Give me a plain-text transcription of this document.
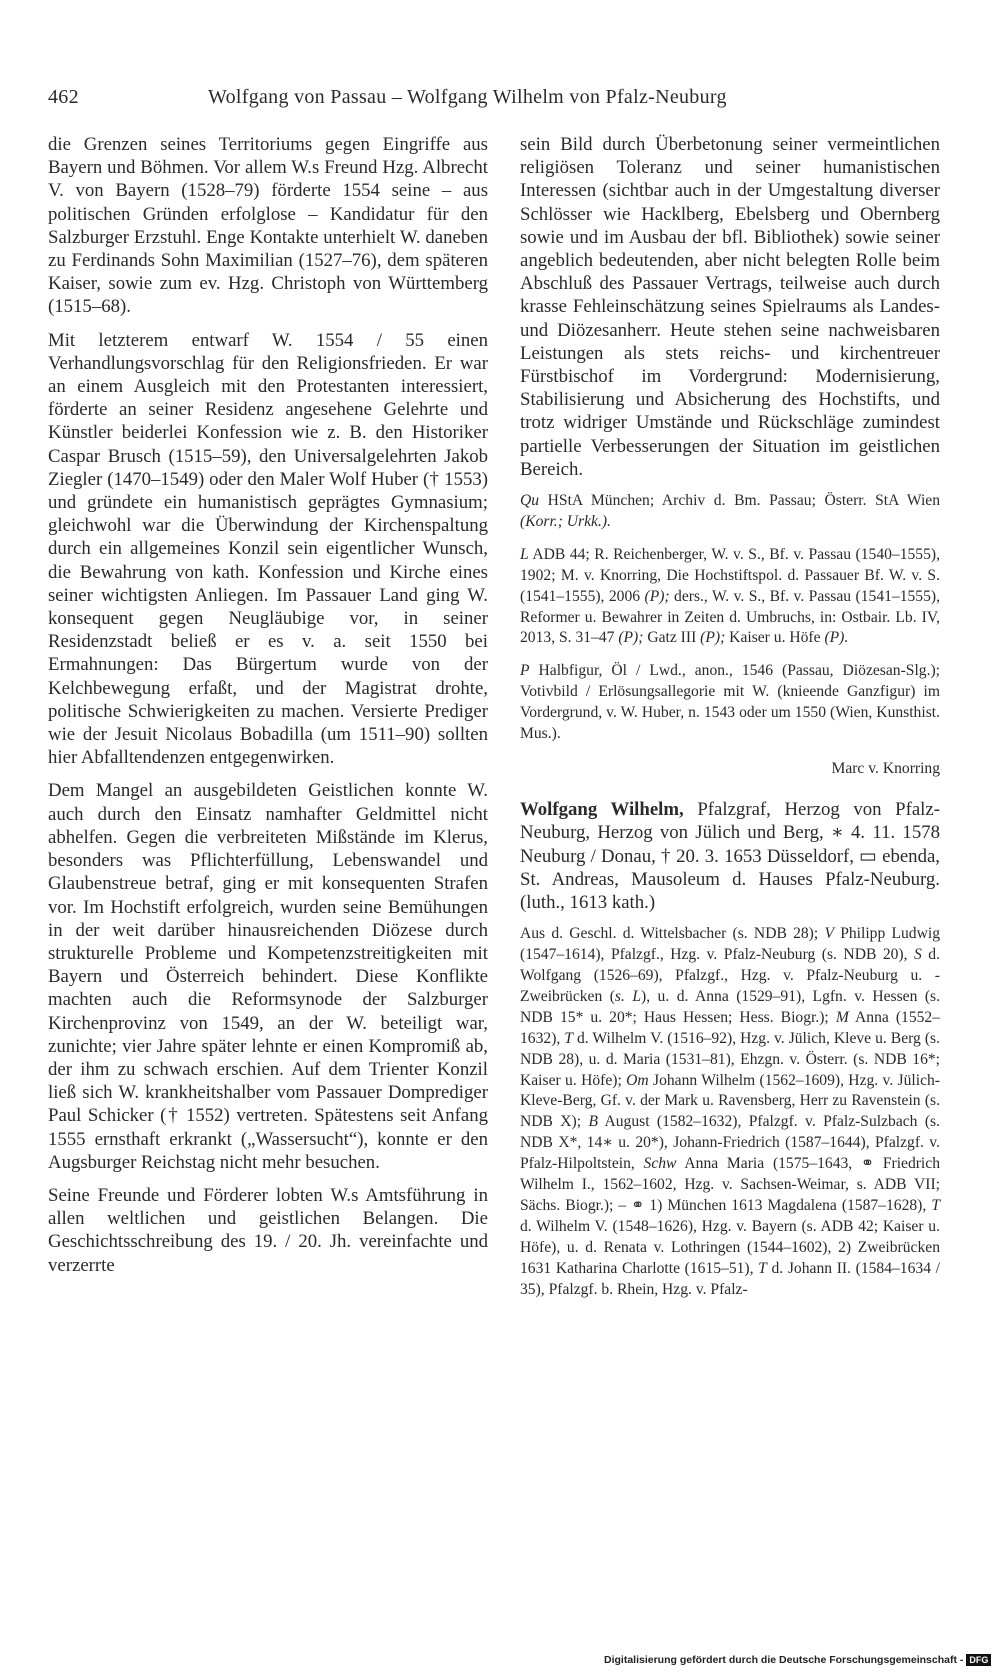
462	Wolfgang von Passau – Wolfgang Wilhelm von Pfalz-Neuburg

die Grenzen seines Territoriums gegen Eingriffe aus Bayern und Böhmen. Vor allem W.s Freund Hzg. Albrecht V. von Bayern (1528–79) förderte 1554 seine – aus politischen Gründen erfolglose – Kandidatur für den Salzburger Erzstuhl. Enge Kontakte unterhielt W. daneben zu Ferdinands Sohn Maximilian (1527–76), dem späteren Kaiser, sowie zum ev. Hzg. Christoph von Württemberg (1515–68).

Mit letzterem entwarf W. 1554 / 55 einen Verhandlungsvorschlag für den Religionsfrieden. Er war an einem Ausgleich mit den Protestanten interessiert, förderte an seiner Residenz angesehene Gelehrte und Künstler beiderlei Konfession wie z. B. den Historiker Caspar Brusch (1515–59), den Universalgelehrten Jakob Ziegler (1470–1549) oder den Maler Wolf Huber († 1553) und gründete ein humanistisch geprägtes Gymnasium; gleichwohl war die Überwindung der Kirchenspaltung durch ein allgemeines Konzil sein eigentlicher Wunsch, die Bewahrung von kath. Konfession und Kirche eines seiner wichtigsten Anliegen. Im Passauer Land ging W. konsequent gegen Neugläubige vor, in seiner Residenzstadt beließ er es v. a. seit 1550 bei Ermahnungen: Das Bürgertum wurde von der Kelchbewegung erfaßt, und der Magistrat drohte, politische Schwierigkeiten zu machen. Versierte Prediger wie der Jesuit Nicolaus Bobadilla (um 1511–90) sollten hier Abfalltendenzen entgegenwirken.

Dem Mangel an ausgebildeten Geistlichen konnte W. auch durch den Einsatz namhafter Geldmittel nicht abhelfen. Gegen die verbreiteten Mißstände im Klerus, besonders was Pflichterfüllung, Lebenswandel und Glaubenstreue betraf, ging er mit konsequenten Strafen vor. Im Hochstift erfolgreich, wurden seine Bemühungen in der weit darüber hinausreichenden Diözese durch strukturelle Probleme und Kompetenzstreitigkeiten mit Bayern und Österreich behindert. Diese Konflikte machten auch die Reformsynode der Salzburger Kirchenprovinz von 1549, an der W. beteiligt war, zunichte; vier Jahre später lehnte er einen Kompromiß ab, der ihm zu schwach erschien. Auf dem Trienter Konzil ließ sich W. krankheitshalber vom Passauer Domprediger Paul Schicker († 1552) vertreten. Spätestens seit Anfang 1555 ernsthaft erkrankt („Wassersucht“), konnte er den Augsburger Reichstag nicht mehr besuchen.

Seine Freunde und Förderer lobten W.s Amtsführung in allen weltlichen und geistlichen Belangen. Die Geschichtsschreibung des 19. / 20. Jh. vereinfachte und verzerrte

sein Bild durch Überbetonung seiner vermeintlichen religiösen Toleranz und seiner humanistischen Interessen (sichtbar auch in der Umgestaltung diverser Schlösser wie Hacklberg, Ebelsberg und Obernberg sowie und im Ausbau der bfl. Bibliothek) sowie seiner angeblich bedeutenden, aber nicht belegten Rolle beim Abschluß des Passauer Vertrags, teilweise auch durch krasse Fehleinschätzung seines Spielraums als Landes- und Diözesanherr. Heute stehen seine nachweisbaren Leistungen als stets reichs- und kirchentreuer Fürstbischof im Vordergrund: Modernisierung, Stabilisierung und Absicherung des Hochstifts, und trotz widriger Umstände und Rückschläge zumindest partielle Verbesserungen der Situation im geistlichen Bereich.

Qu HStA München; Archiv d. Bm. Passau; Österr. StA Wien (Korr.; Urkk.).

L ADB 44; R. Reichenberger, W. v. S., Bf. v. Passau (1540–1555), 1902; M. v. Knorring, Die Hochstiftspol. d. Passauer Bf. W. v. S. (1541–1555), 2006 (P); ders., W. v. S., Bf. v. Passau (1541–1555), Reformer u. Bewahrer in Zeiten d. Umbruchs, in: Ostbair. Lb. IV, 2013, S. 31–47 (P); Gatz III (P); Kaiser u. Höfe (P).

P Halbfigur, Öl / Lwd., anon., 1546 (Passau, Diözesan-Slg.); Votivbild / Erlösungsallegorie mit W. (knieende Ganzfigur) im Vordergrund, v. W. Huber, n. 1543 oder um 1550 (Wien, Kunsthist. Mus.).

Marc v. Knorring

Wolfgang Wilhelm, Pfalzgraf, Herzog von Pfalz-Neuburg, Herzog von Jülich und Berg, ∗ 4. 11. 1578 Neuburg / Donau, † 20. 3. 1653 Düsseldorf, ▭ ebenda, St. Andreas, Mausoleum d. Hauses Pfalz-Neuburg. (luth., 1613 kath.)

Aus d. Geschl. d. Wittelsbacher (s. NDB 28); V Philipp Ludwig (1547–1614), Pfalzgf., Hzg. v. Pfalz-Neuburg (s. NDB 20), S d. Wolfgang (1526–69), Pfalzgf., Hzg. v. Pfalz-Neuburg u. -Zweibrücken (s. L), u. d. Anna (1529–91), Lgfn. v. Hessen (s. NDB 15* u. 20*; Haus Hessen; Hess. Biogr.); M Anna (1552–1632), T d. Wilhelm V. (1516–92), Hzg. v. Jülich, Kleve u. Berg (s. NDB 28), u. d. Maria (1531–81), Ehzgn. v. Österr. (s. NDB 16*; Kaiser u. Höfe); Om Johann Wilhelm (1562–1609), Hzg. v. Jülich-Kleve-Berg, Gf. v. der Mark u. Ravensberg, Herr zu Ravenstein (s. NDB X); B August (1582–1632), Pfalzgf. v. Pfalz-Sulzbach (s. NDB X*, 14∗ u. 20*), Johann-Friedrich (1587–1644), Pfalzgf. v. Pfalz-Hilpoltstein, Schw Anna Maria (1575–1643, ⚭ Friedrich Wilhelm I., 1562–1602, Hzg. v. Sachsen-Weimar, s. ADB VII; Sächs. Biogr.); – ⚭ 1) München 1613 Magdalena (1587–1628), T d. Wilhelm V. (1548–1626), Hzg. v. Bayern (s. ADB 42; Kaiser u. Höfe), u. d. Renata v. Lothringen (1544–1602), 2) Zweibrücken 1631 Katharina Charlotte (1615–51), T d. Johann II. (1584–1634 / 35), Pfalzgf. b. Rhein, Hzg. v. Pfalz-

Digitalisierung gefördert durch die Deutsche Forschungsgemeinschaft - DFG
